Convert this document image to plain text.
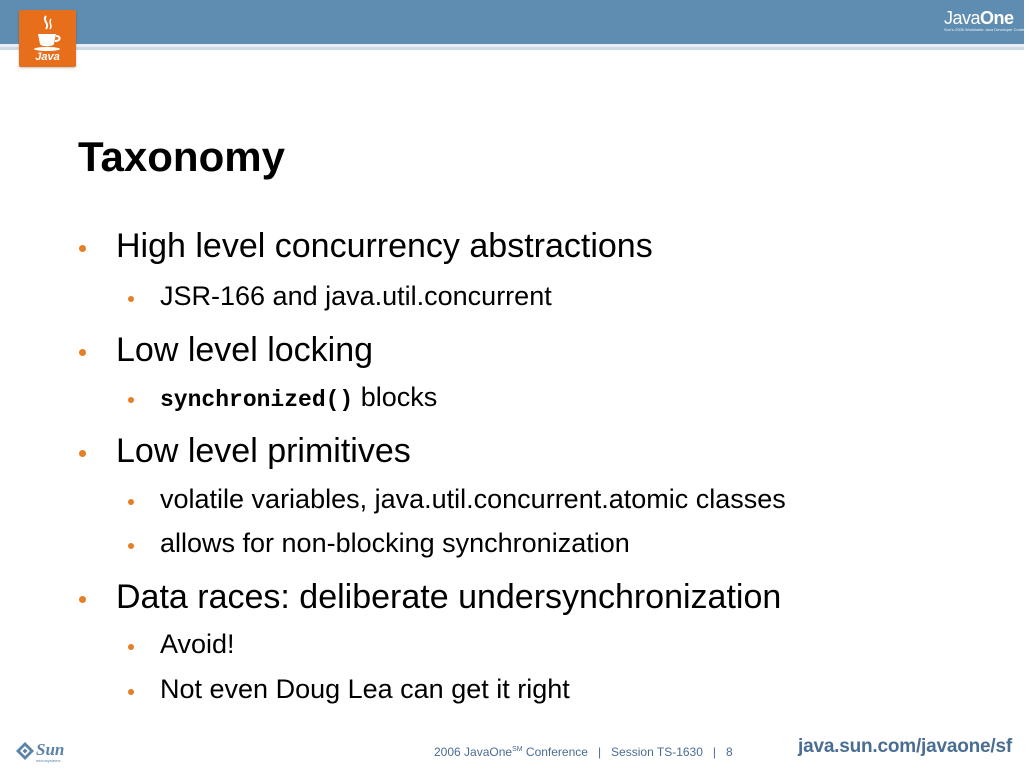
Java
JavaOne
Sun's 2006 Worldwide Java Developer Conference
Taxonomy
High level concurrency abstractions
JSR-166 and java.util.concurrent
Low level locking
synchronized() blocks
Low level primitives
volatile variables, java.util.concurrent.atomic classes
allows for non-blocking synchronization
Data races: deliberate undersynchronization
Avoid!
Not even Doug Lea can get it right
Sun
microsystems
2006 JavaOne℠ Conference   |   Session TS-1630   |   8	java.sun.com/javaone/sf
